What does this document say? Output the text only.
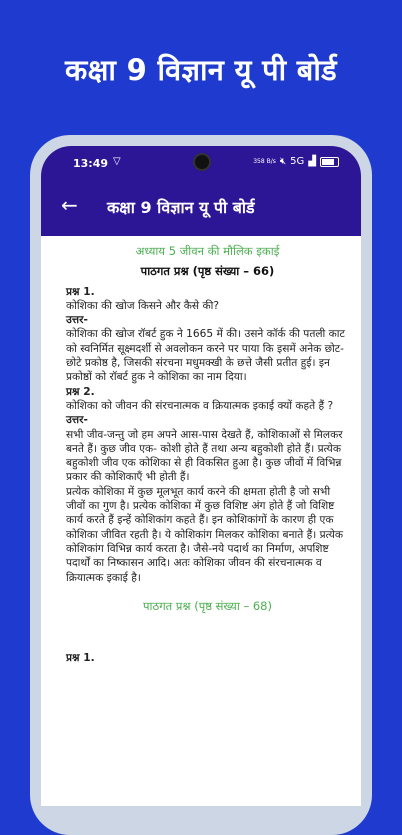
कक्षा 9 विज्ञान यू पी बोर्ड
13:49 ▽	358 B/s 🔇︎ 5G ▟
← कक्षा 9 विज्ञान यू पी बोर्ड
अध्याय 5 जीवन की मौलिक इकाई
पाठगत प्रश्न (पृष्ठ संख्या – 66)

प्रश्न 1.

कोशिका की खोज किसने और कैसे की?

उत्तर-

कोशिका की खोज रॉबर्ट हुक ने 1665 में की। उसने कॉर्क की पतली काट को स्वनिर्मित सूक्ष्मदर्शी से अवलोकन करने पर पाया कि इसमें अनेक छोट-छोटे प्रकोष्ठ है, जिसकी संरचना मधुमक्खी के छत्ते जैसी प्रतीत हुई। इन प्रकोष्ठों को रॉबर्ट हुक ने कोशिका का नाम दिया।

प्रश्न 2.

कोशिका को जीवन की संरचनात्मक व क्रियात्मक इकाई क्यों कहते हैं ?

उत्तर-

सभी जीव-जन्तु जो हम अपने आस-पास देखते हैं, कोशिकाओं से मिलकर बनते हैं। कुछ जीव एक- कोशी होते हैं तथा अन्य बहुकोशी होते हैं। प्रत्येक बहुकोशी जीव एक कोशिका से ही विकसित हुआ है। कुछ जीवों में विभिन्न प्रकार की कोशिकाएँ भी होती हैं।

प्रत्येक कोशिका में कुछ मूलभूत कार्य करने की क्षमता होती है जो सभी जीवों का गुण है। प्रत्येक कोशिका में कुछ विशिष्ट अंग होते हैं जो विशिष्ट कार्य करते हैं इन्हें कोशिकांग कहते हैं। इन कोशिकांगों के कारण ही एक कोशिका जीवित रहती है। ये कोशिकांग मिलकर कोशिका बनाते हैं। प्रत्येक कोशिकांग विभिन्न कार्य करता है। जैसे-नये पदार्थ का निर्माण, अपशिष्ट पदार्थों का निष्कासन आदि। अतः कोशिका जीवन की संरचनात्मक व क्रियात्मक इकाई है।

पाठगत प्रश्न (पृष्ठ संख्या – 68)

प्रश्न 1.
